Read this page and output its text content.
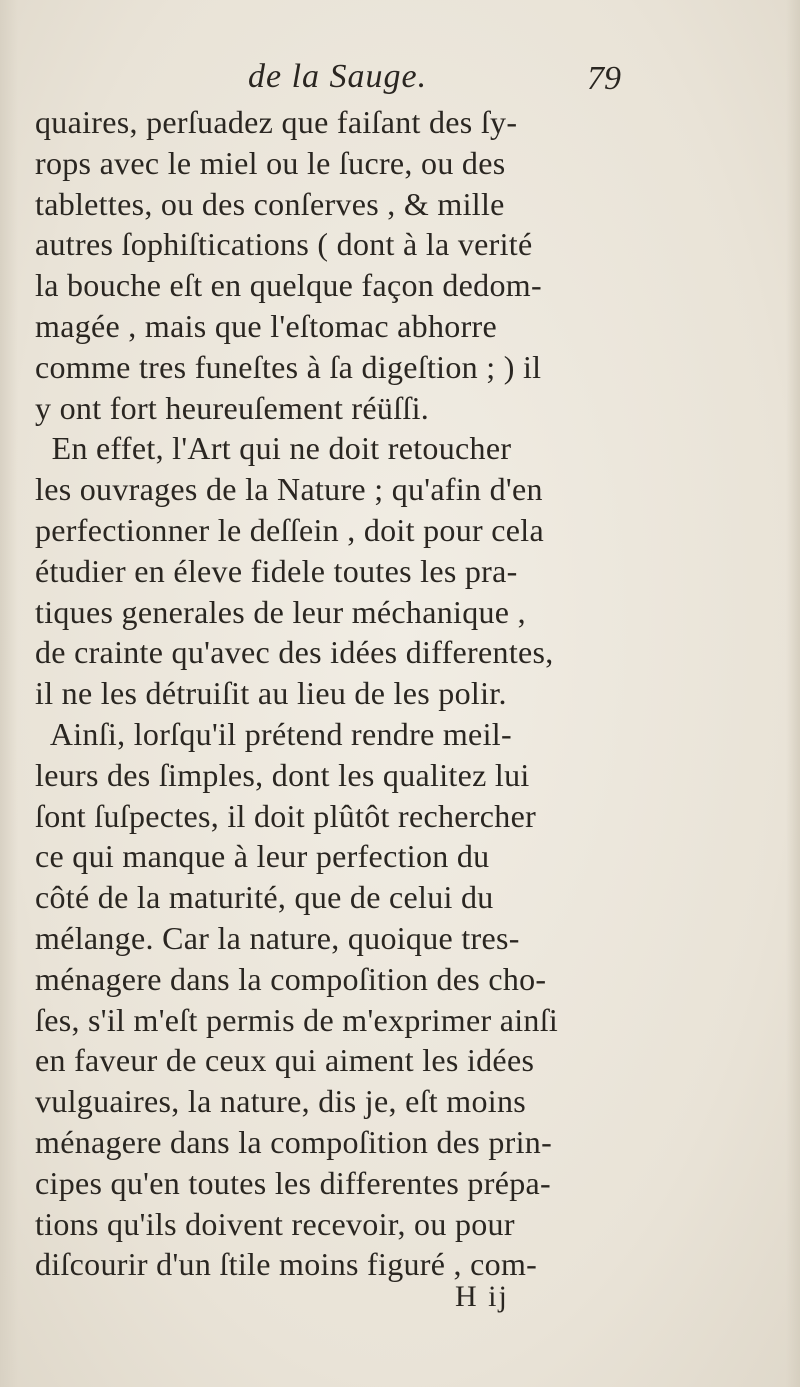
de la Sauge.	79
quaires, perſuadez que faiſant des ſy-
rops avec le miel ou le ſucre, ou des
tablettes, ou des conſerves , & mille
autres ſophiſtications ( dont à la verité
la bouche eſt en quelque façon dedom-
magée , mais que l'eſtomac abhorre
comme tres funeſtes à ſa digeſtion ; ) il
y ont fort heureuſement réüſſi.
En effet, l'Art qui ne doit retoucher
les ouvrages de la Nature ; qu'afin d'en
perfectionner le deſſein , doit pour cela
étudier en éleve fidele toutes les pra-
tiques generales de leur méchanique ,
de crainte qu'avec des idées differentes,
il ne les détruiſit au lieu de les polir.
Ainſi, lorſqu'il prétend rendre meil-
leurs des ſimples, dont les qualitez lui
ſont ſuſpectes, il doit plûtôt rechercher
ce qui manque à leur perfection du
côté de la maturité, que de celui du
mélange. Car la nature, quoique tres-
ménagere dans la compoſition des cho-
ſes, s'il m'eſt permis de m'exprimer ainſi
en faveur de ceux qui aiment les idées
vulguaires, la nature, dis je, eſt moins
ménagere dans la compoſition des prin-
cipes qu'en toutes les differentes prépa-
tions qu'ils doivent recevoir, ou pour
diſcourir d'un ſtile moins figuré , com-
H ij
